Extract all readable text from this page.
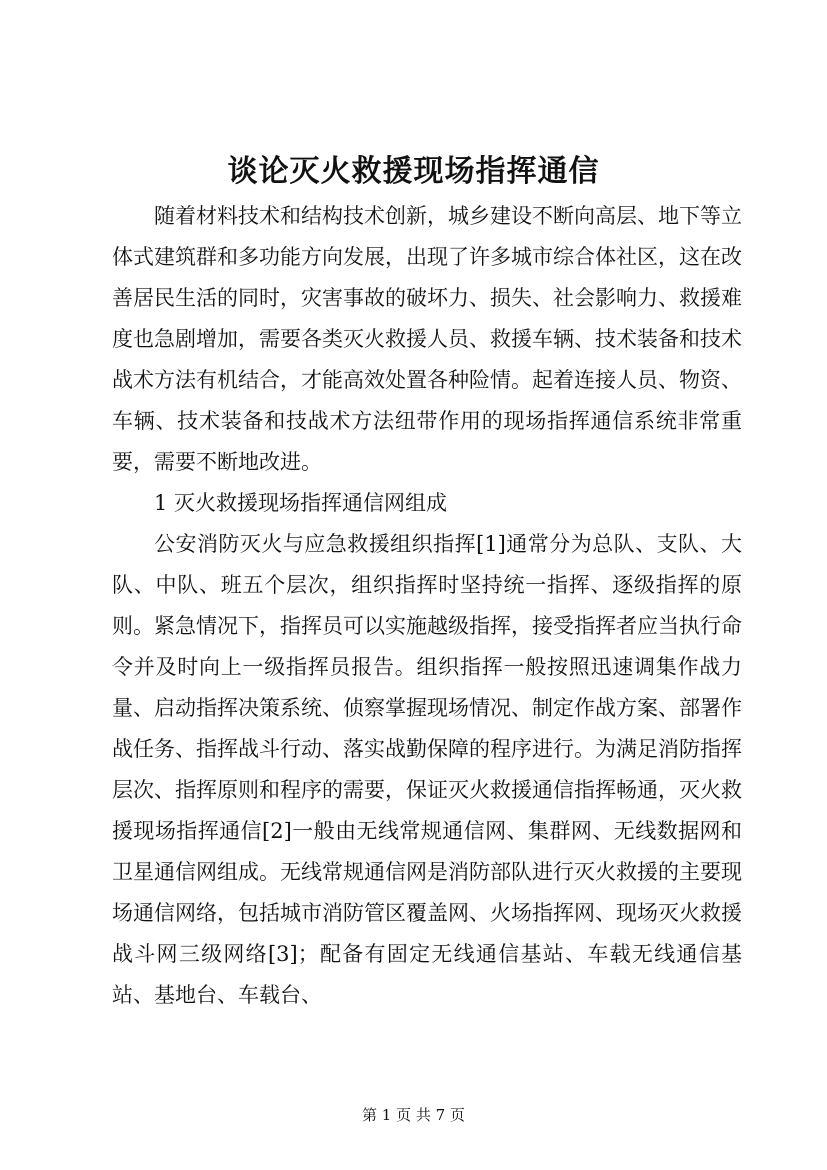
谈论灭火救援现场指挥通信

随着材料技术和结构技术创新，城乡建设不断向高层、地下等立体式建筑群和多功能方向发展，出现了许多城市综合体社区，这在改善居民生活的同时，灾害事故的破坏力、损失、社会影响力、救援难度也急剧增加，需要各类灭火救援人员、救援车辆、技术装备和技术战术方法有机结合，才能高效处置各种险情。起着连接人员、物资、车辆、技术装备和技战术方法纽带作用的现场指挥通信系统非常重要，需要不断地改进。

1 灭火救援现场指挥通信网组成

公安消防灭火与应急救援组织指挥[1]通常分为总队、支队、大队、中队、班五个层次，组织指挥时坚持统一指挥、逐级指挥的原则。紧急情况下，指挥员可以实施越级指挥，接受指挥者应当执行命令并及时向上一级指挥员报告。组织指挥一般按照迅速调集作战力量、启动指挥决策系统、侦察掌握现场情况、制定作战方案、部署作战任务、指挥战斗行动、落实战勤保障的程序进行。为满足消防指挥层次、指挥原则和程序的需要，保证灭火救援通信指挥畅通，灭火救援现场指挥通信[2]一般由无线常规通信网、集群网、无线数据网和卫星通信网组成。无线常规通信网是消防部队进行灭火救援的主要现场通信网络，包括城市消防管区覆盖网、火场指挥网、现场灭火救援战斗网三级网络[3]；配备有固定无线通信基站、车载无线通信基站、基地台、车载台、

第 1 页 共 7 页
